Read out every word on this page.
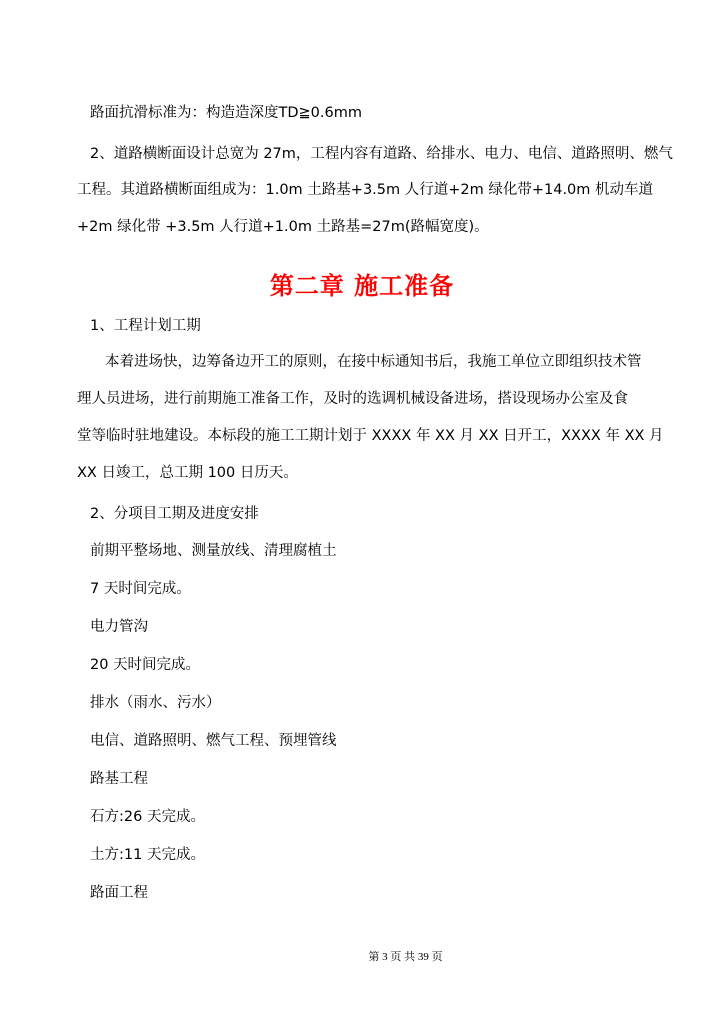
路面抗滑标准为：构造造深度TD≧0.6mm

2、道路横断面设计总宽为 27m，工程内容有道路、给排水、电力、电信、道路照明、燃气

工程。其道路横断面组成为：1.0m 土路基+3.5m 人行道+2m 绿化带+14.0m 机动车道

+2m 绿化带 +3.5m 人行道+1.0m 土路基=27m(路幅宽度)。

第二章 施工准备

1、工程计划工期

本着进场快，边筹备边开工的原则，在接中标通知书后，我施工单位立即组织技术管

理人员进场，进行前期施工准备工作，及时的选调机械设备进场，搭设现场办公室及食

堂等临时驻地建设。本标段的施工工期计划于 XXXX 年 XX 月 XX 日开工，XXXX 年 XX 月

XX 日竣工，总工期 100 日历天。

2、分项目工期及进度安排

前期平整场地、测量放线、清理腐植土

7 天时间完成。

电力管沟

20 天时间完成。

排水（雨水、污水）

电信、道路照明、燃气工程、预埋管线

路基工程

石方:26 天完成。

土方:11 天完成。

路面工程

第 3 页 共 39 页
